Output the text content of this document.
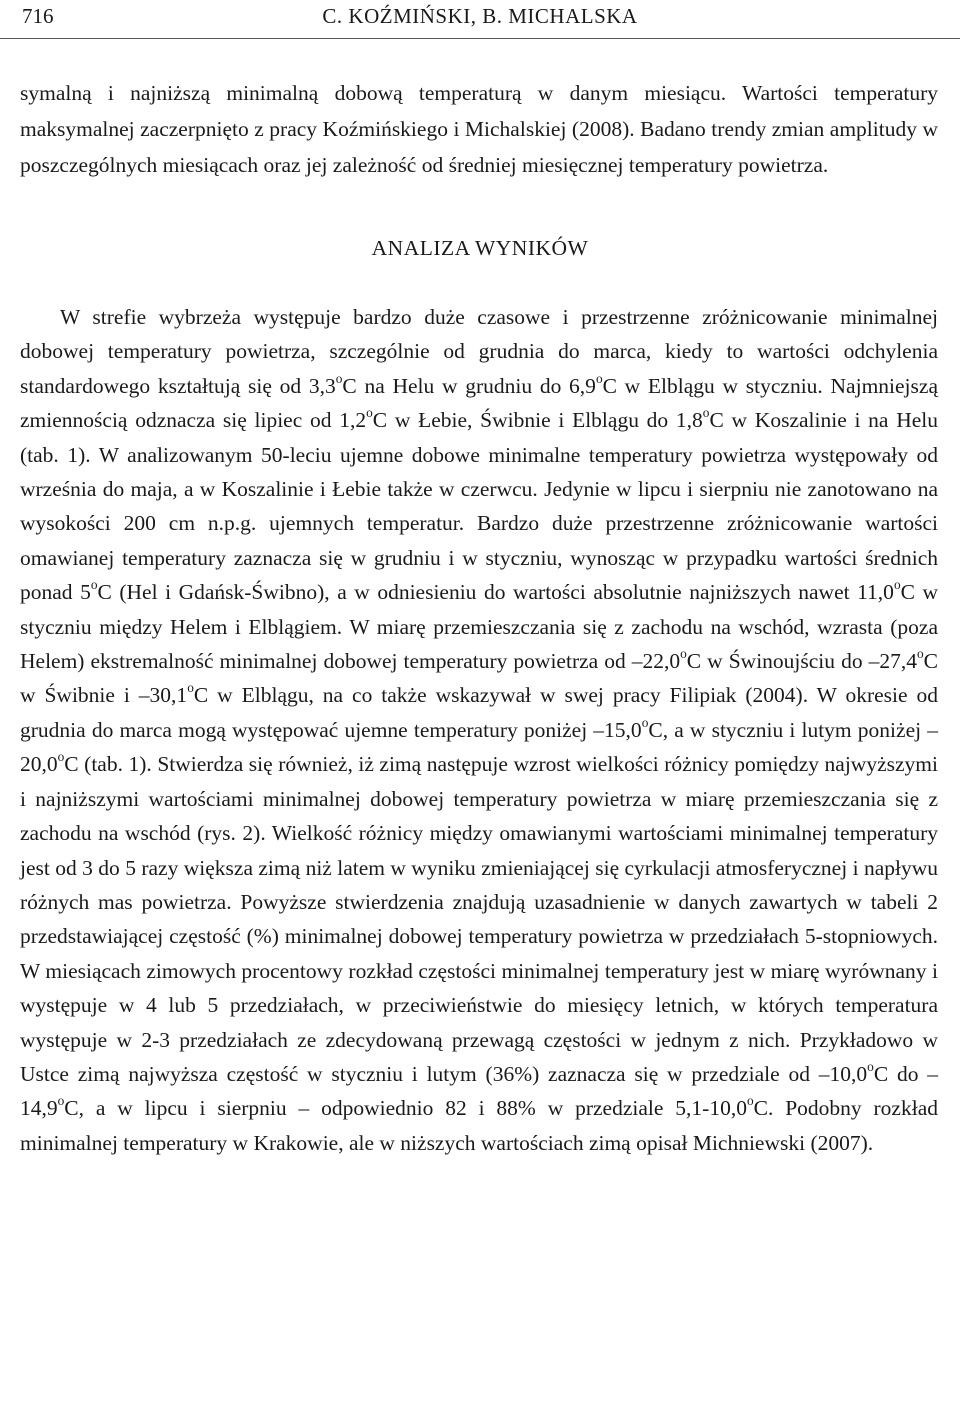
716	C. KOŹMIŃSKI, B. MICHALSKA

symalną i najniższą minimalną dobową temperaturą w danym miesiącu. Wartości temperatury maksymalnej zaczerpnięto z pracy Koźmińskiego i Michalskiej (2008). Badano trendy zmian amplitudy w poszczególnych miesiącach oraz jej zależność od średniej miesięcznej temperatury powietrza.

ANALIZA WYNIKÓW

W strefie wybrzeża występuje bardzo duże czasowe i przestrzenne zróżnicowanie minimalnej dobowej temperatury powietrza, szczególnie od grudnia do marca, kiedy to wartości odchylenia standardowego kształtują się od 3,3$^o$C na Helu w grudniu do 6,9$^o$C w Elblągu w styczniu. Najmniejszą zmiennością odznacza się lipiec od 1,2$^o$C w Łebie, Świbnie i Elblągu do 1,8$^o$C w Koszalinie i na Helu (tab. 1). W analizowanym 50-leciu ujemne dobowe minimalne temperatury powietrza występowały od września do maja, a w Koszalinie i Łebie także w czerwcu. Jedynie w lipcu i sierpniu nie zanotowano na wysokości 200 cm n.p.g. ujemnych temperatur. Bardzo duże przestrzenne zróżnicowanie wartości omawianej temperatury zaznacza się w grudniu i w styczniu, wynosząc w przypadku wartości średnich ponad 5$^o$C (Hel i Gdańsk-Świbno), a w odniesieniu do wartości absolutnie najniższych nawet 11,0$^o$C w styczniu między Helem i Elblągiem. W miarę przemieszczania się z zachodu na wschód, wzrasta (poza Helem) ekstremalność minimalnej dobowej temperatury powietrza od –22,0$^o$C w Świnoujściu do –27,4$^o$C w Świbnie i –30,1$^o$C w Elblągu, na co także wskazywał w swej pracy Filipiak (2004). W okresie od grudnia do marca mogą występować ujemne temperatury poniżej –15,0$^o$C, a w styczniu i lutym poniżej –20,0$^o$C (tab. 1). Stwierdza się również, iż zimą następuje wzrost wielkości różnicy pomiędzy najwyższymi i najniższymi wartościami minimalnej dobowej temperatury powietrza w miarę przemieszczania się z zachodu na wschód (rys. 2). Wielkość różnicy między omawianymi wartościami minimalnej temperatury jest od 3 do 5 razy większa zimą niż latem w wyniku zmieniającej się cyrkulacji atmosferycznej i napływu różnych mas powietrza. Powyższe stwierdzenia znajdują uzasadnienie w danych zawartych w tabeli 2 przedstawiającej częstość (%) minimalnej dobowej temperatury powietrza w przedziałach 5-stopniowych. W miesiącach zimowych procentowy rozkład częstości minimalnej temperatury jest w miarę wyrównany i występuje w 4 lub 5 przedziałach, w przeciwieństwie do miesięcy letnich, w których temperatura występuje w 2-3 przedziałach ze zdecydowaną przewagą częstości w jednym z nich. Przykładowo w Ustce zimą najwyższa częstość w styczniu i lutym (36%) zaznacza się w przedziale od –10,0$^o$C do –14,9$^o$C, a w lipcu i sierpniu – odpowiednio 82 i 88% w przedziale 5,1-10,0$^o$C. Podobny rozkład minimalnej temperatury w Krakowie, ale w niższych wartościach zimą opisał Michniewski (2007).
